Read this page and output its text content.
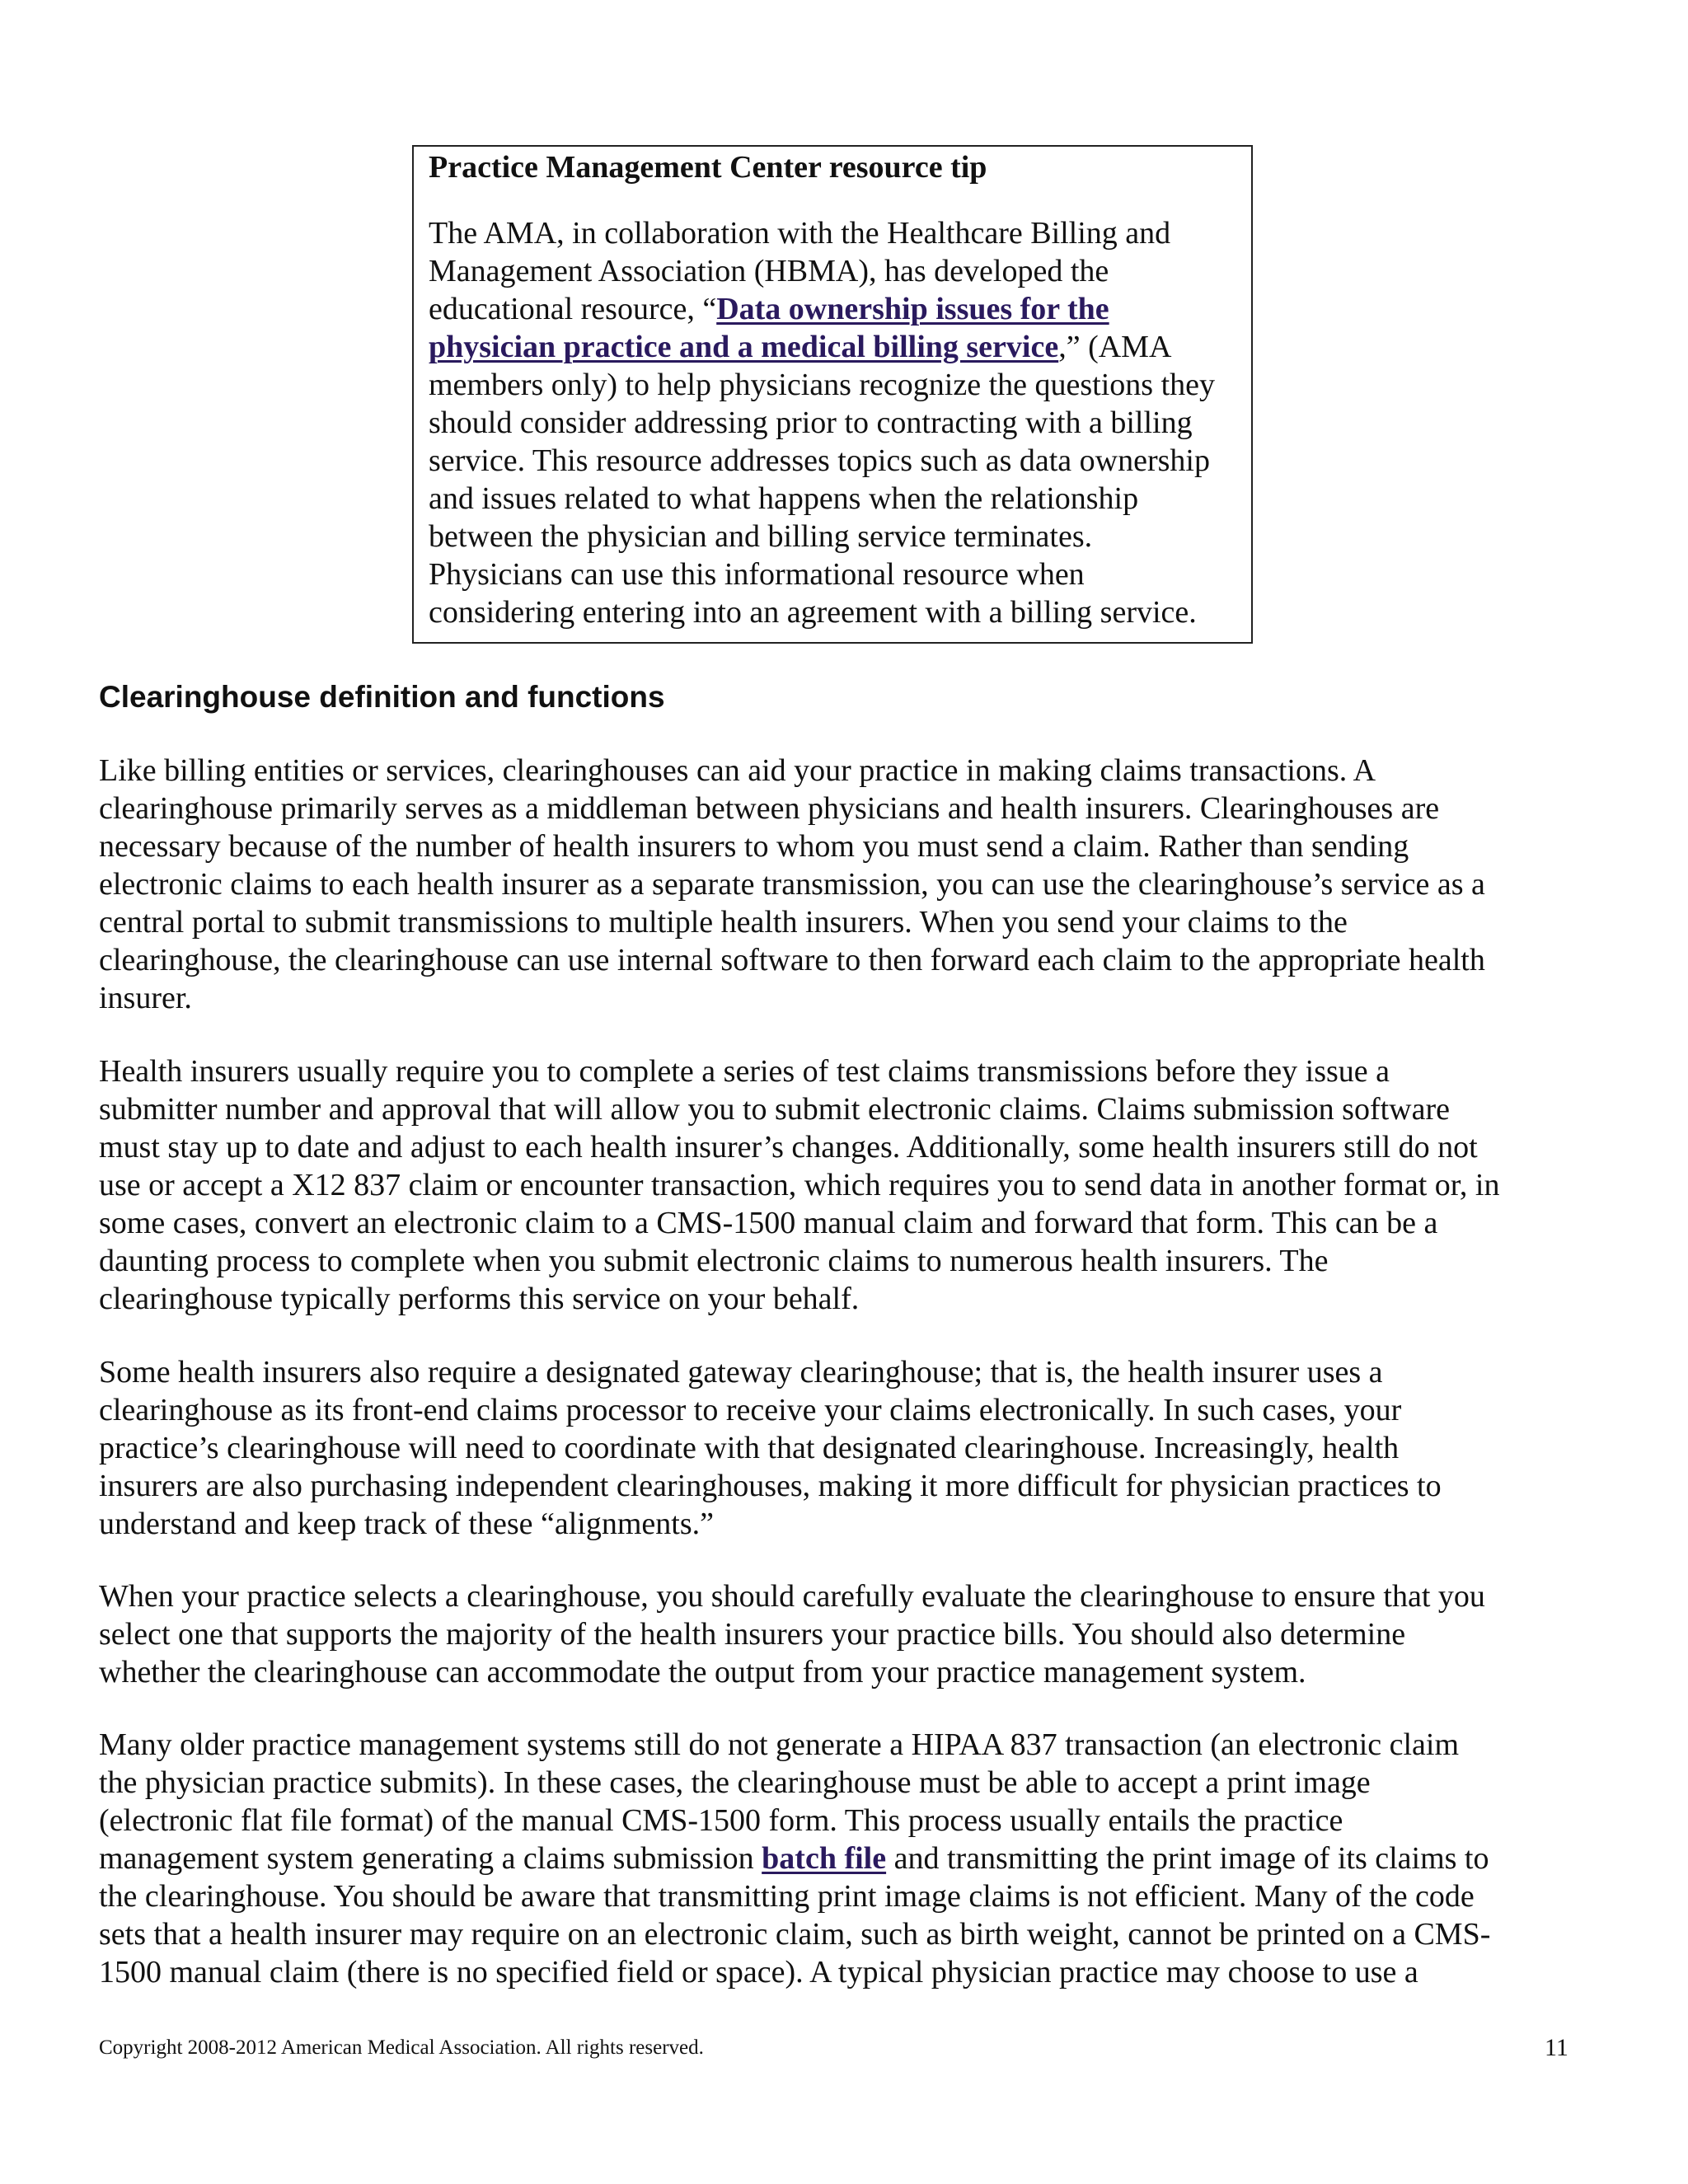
Practice Management Center resource tip
The AMA, in collaboration with the Healthcare Billing and
Management Association (HBMA), has developed the
educational resource, “Data ownership issues for the
physician practice and a medical billing service,” (AMA
members only) to help physicians recognize the questions they
should consider addressing prior to contracting with a billing
service. This resource addresses topics such as data ownership
and issues related to what happens when the relationship
between the physician and billing service terminates.
Physicians can use this informational resource when
considering entering into an agreement with a billing service.
Clearinghouse definition and functions
Like billing entities or services, clearinghouses can aid your practice in making claims transactions. A
clearinghouse primarily serves as a middleman between physicians and health insurers. Clearinghouses are
necessary because of the number of health insurers to whom you must send a claim. Rather than sending
electronic claims to each health insurer as a separate transmission, you can use the clearinghouse’s service as a
central portal to submit transmissions to multiple health insurers. When you send your claims to the
clearinghouse, the clearinghouse can use internal software to then forward each claim to the appropriate health
insurer.
Health insurers usually require you to complete a series of test claims transmissions before they issue a
submitter number and approval that will allow you to submit electronic claims. Claims submission software
must stay up to date and adjust to each health insurer’s changes. Additionally, some health insurers still do not
use or accept a X12 837 claim or encounter transaction, which requires you to send data in another format or, in
some cases, convert an electronic claim to a CMS-1500 manual claim and forward that form. This can be a
daunting process to complete when you submit electronic claims to numerous health insurers. The
clearinghouse typically performs this service on your behalf.
Some health insurers also require a designated gateway clearinghouse; that is, the health insurer uses a
clearinghouse as its front-end claims processor to receive your claims electronically. In such cases, your
practice’s clearinghouse will need to coordinate with that designated clearinghouse. Increasingly, health
insurers are also purchasing independent clearinghouses, making it more difficult for physician practices to
understand and keep track of these “alignments.”
When your practice selects a clearinghouse, you should carefully evaluate the clearinghouse to ensure that you
select one that supports the majority of the health insurers your practice bills. You should also determine
whether the clearinghouse can accommodate the output from your practice management system.
Many older practice management systems still do not generate a HIPAA 837 transaction (an electronic claim
the physician practice submits). In these cases, the clearinghouse must be able to accept a print image
(electronic flat file format) of the manual CMS-1500 form. This process usually entails the practice
management system generating a claims submission batch file and transmitting the print image of its claims to
the clearinghouse. You should be aware that transmitting print image claims is not efficient. Many of the code
sets that a health insurer may require on an electronic claim, such as birth weight, cannot be printed on a CMS-
1500 manual claim (there is no specified field or space). A typical physician practice may choose to use a
Copyright 2008-2012 American Medical Association. All rights reserved.	11
